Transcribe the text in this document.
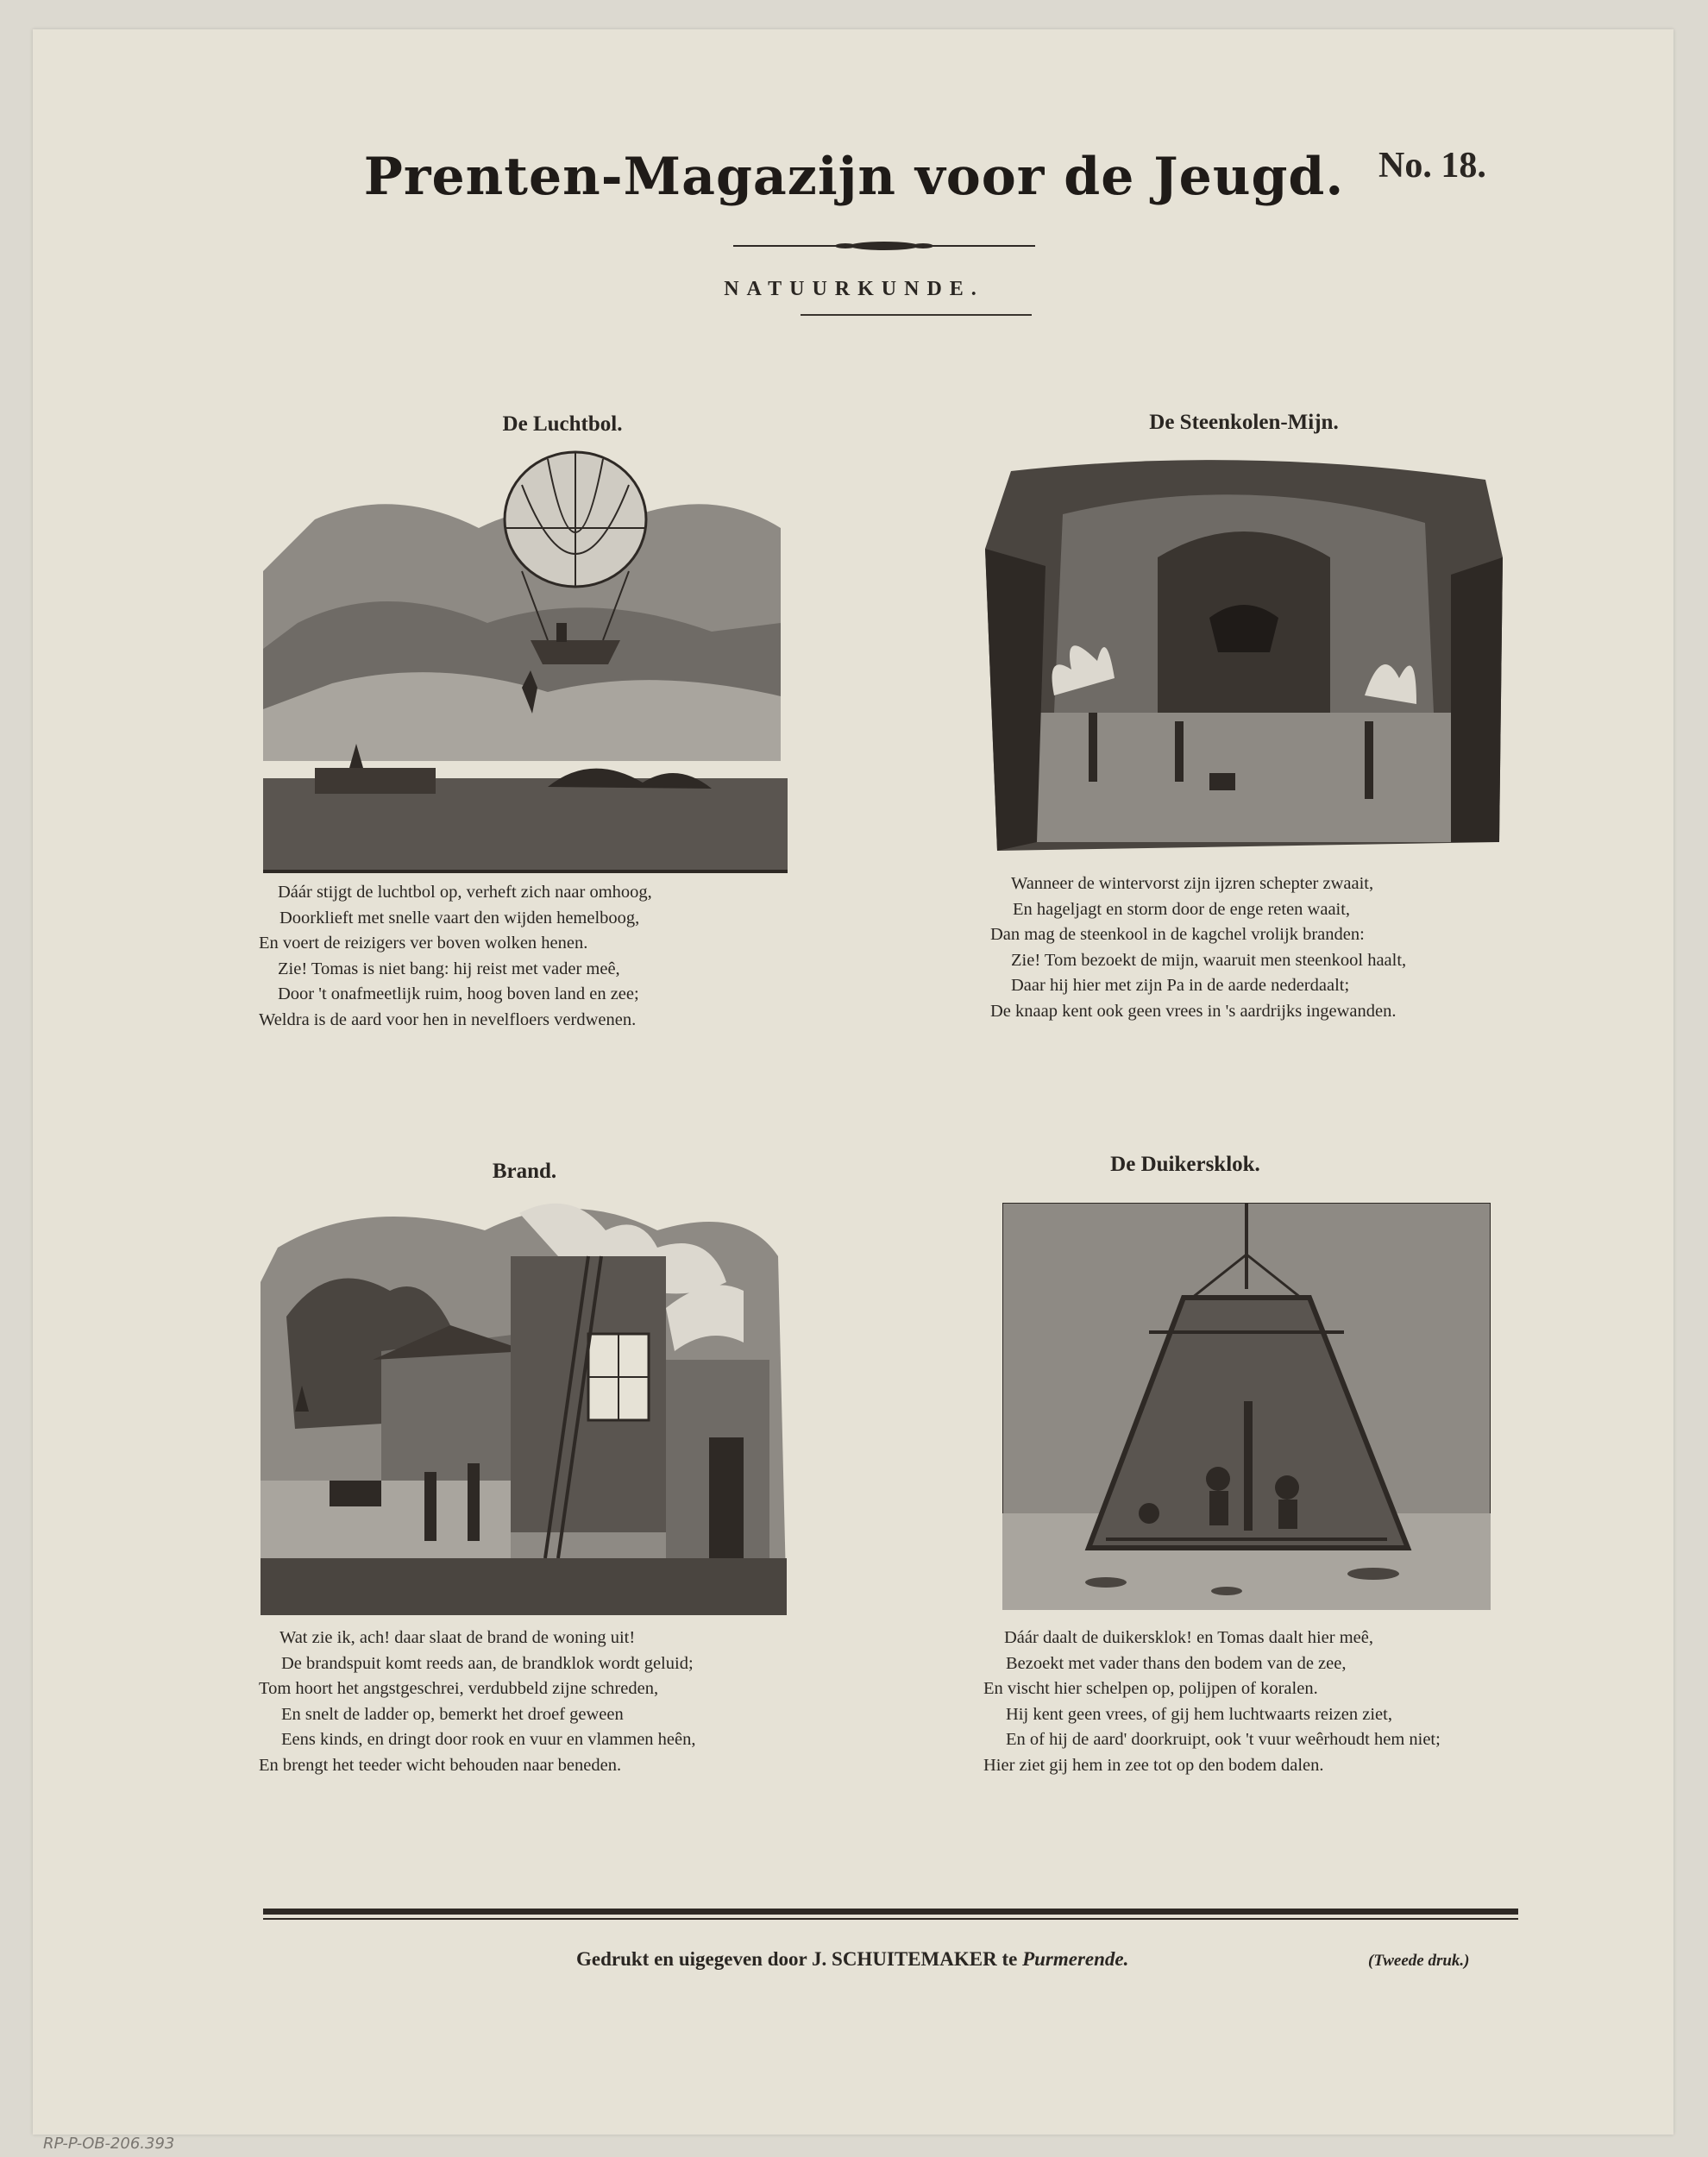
Prenten-Magazijn voor de Jeugd. No. 18.
NATUURKUNDE.
De Luchtbol.
Dáár stijgt de luchtbol op, verheft zich naar omhoog,
Doorklieft met snelle vaart den wijden hemelboog,
En voert de reizigers ver boven wolken henen.
Zie! Tomas is niet bang: hij reist met vader meê,
Door 't onafmeetlijk ruim, hoog boven land en zee;
Weldra is de aard voor hen in nevelfloers verdwenen.
De Steenkolen-Mijn.
Wanneer de wintervorst zijn ijzren schepter zwaait,
En hageljagt en storm door de enge reten waait,
Dan mag de steenkool in de kagchel vrolijk branden:
Zie! Tom bezoekt de mijn, waaruit men steenkool haalt,
Daar hij hier met zijn Pa in de aarde nederdaalt;
De knaap kent ook geen vrees in 's aardrijks ingewanden.
Brand.
Wat zie ik, ach! daar slaat de brand de woning uit!
De brandspuit komt reeds aan, de brandklok wordt geluid;
Tom hoort het angstgeschrei, verdubbeld zijne schreden,
En snelt de ladder op, bemerkt het droef geween
Eens kinds, en dringt door rook en vuur en vlammen heên,
En brengt het teeder wicht behouden naar beneden.
De Duikersklok.
Dáár daalt de duikersklok! en Tomas daalt hier meê,
Bezoekt met vader thans den bodem van de zee,
En vischt hier schelpen op, polijpen of koralen.
Hij kent geen vrees, of gij hem luchtwaarts reizen ziet,
En of hij de aard' doorkruipt, ook 't vuur weêrhoudt hem niet;
Hier ziet gij hem in zee tot op den bodem dalen.
Gedrukt en uigegeven door J. SCHUITEMAKER te Purmerende.	(Tweede druk.)
RP-P-OB-206.393
